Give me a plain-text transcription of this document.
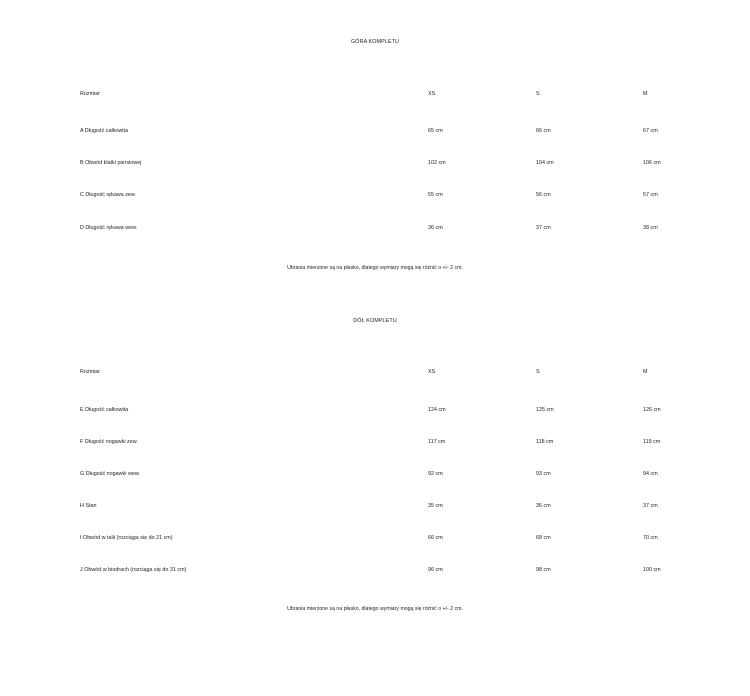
GÓRA KOMPLETU
Rozmiar	XS	S	M
A Długość całkowita	65 cm	66 cm	67 cm
B Obwód klatki piersiowej	102 cm	104 cm	106 cm
C Długość rękawa zew.	55 cm	56 cm	57 cm
D Długość rękawa wew.	36 cm	37 cm	38 cm
Ubrania mierzone są na płasko, dlatego wymiary mogą się różnić o +/- 2 cm.
DÓŁ KOMPLETU
Rozmiar	XS	S	M
E Długość całkowita	124 cm	125 cm	126 cm
F Długość nogawki zew.	117 cm	118 cm	119 cm
G Długość nogawki wew.	92 cm	93 cm	94 cm
H Stan	35 cm	36 cm	37 cm
I Obwód w talii (rozciąga się do 21 cm)	66 cm	68 cm	70 cm
J Obwód w biodrach (rozciąga się do 31 cm)	96 cm	98 cm	100 cm
Ubrania mierzone są na płasko, dlatego wymiary mogą się różnić o +/- 2 cm.
